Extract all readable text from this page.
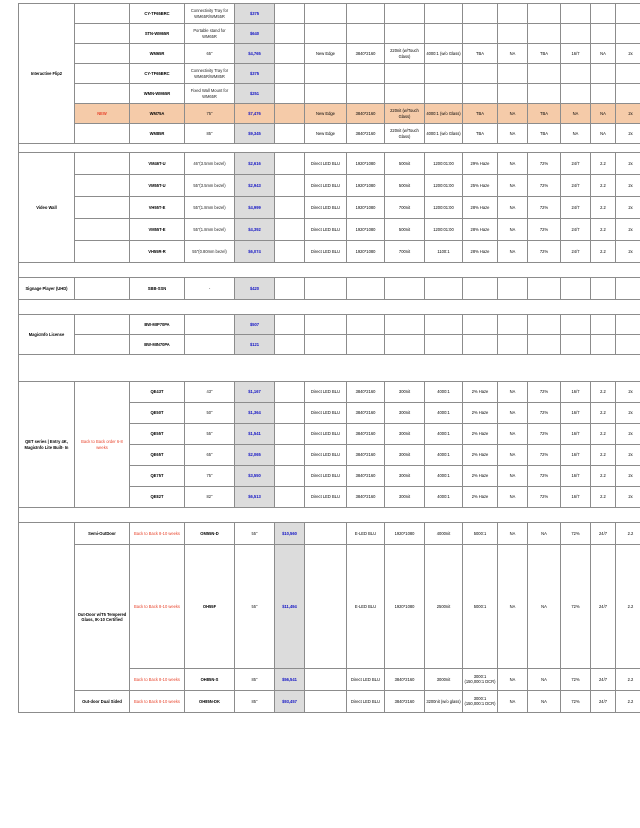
Interactive Flip2		CY-TF65BRC	Connectivity Tray for WM65R/WM55R	$375												
		STN-WM65R	Portable stand for WM65R	$640												
		WM65R	65"	$4,765		New Edge	3840*2160	220nit (w/Touch Glass)	4000:1 (w/o Glass)	TBA	NA	TBA	16/7	NA	2x	
		CY-TF65BRC	Connectivity Tray for WM65R/WM85R	$375												
		WMN-WM65R	Fixed Wall Mount for WM65R	$251												
	NEW	WM75A	75"	$7,476		New Edge	3840*2160	220nit (w/Touch Glass)	4000:1 (w/o Glass)	TBA	NA	TBA	NA	NA	2x	
		WM85R	85"	$9,345		New Edge	3840*2160	220nit (w/Touch Glass)	4000:1 (w/o Glass)	TBA	NA	TBA	NA	NA	2x	

Video Wall		VM46T-U	46"(3.5mm bezel)	$2,616		Direct LED BLU	1920*1080	500nit	1200:01:00	29% Haze	NA	72%	24/7	2.2	2x	
		VM55T-U	55"(3.5mm bezel)	$2,943		Direct LED BLU	1920*1080	500nit	1200:01:00	25% Haze	NA	72%	24/7	2.2	2x	
		VH55T-E	55"(1.8mm bezel)	$4,999		Direct LED BLU	1920*1080	700nit	1200:01:00	28% Haze	NA	72%	24/7	2.2	2x	
		VM55T-E	55"(1.8mm bezel)	$4,392		Direct LED BLU	1920*1080	500nit	1200:01:00	28% Haze	NA	72%	24/7	2.2	2x	
		VH55R-R	55"(0.80mm bezel)	$6,074		Direct LED BLU	1920*1080	700nit	1100:1	28% Haze	NA	72%	24/7	2.2	2x	

Signage Player (UHD)		SBB-SSN	-	$420												

MagicInfo License		BW-MIP70PA		$507												
		BW-MIN70PA		$121												

QET series | Entry 4K, MagicInfo Lite Built- In	Back to Back order 6-8 weeks	QE43T	43"	$1,167		Direct LED BLU	3840*2160	300nit	4000:1	2% Haze	NA	72%	16/7	2.2	2x	
		QE50T	50"	$1,364		Direct LED BLU	3840*2160	300nit	4000:1	2% Haze	NA	72%	16/7	2.2	2x	
		QE55T	55"	$1,541		Direct LED BLU	3840*2160	300nit	4000:1	2% Haze	NA	72%	16/7	2.2	2x	
		QE65T	65"	$2,065		Direct LED BLU	3840*2160	300nit	4000:1	2% Haze	NA	72%	16/7	2.2	2x	
		QE75T	75"	$3,550		Direct LED BLU	3840*2160	300nit	4000:1	2% Haze	NA	72%	16/7	2.2	2x	
		QE82T	82"	$6,513		Direct LED BLU	3840*2160	300nit	4000:1	2% Haze	NA	72%	16/7	2.2	2x	

	Semi-OutDoor	Back to Back 8-10 weeks	OM55N-D	55"	$10,560		E-LED BLU	1920*1080	4000nit	5000:1	NA	NA	72%	24/7	2.2	
	Out-Door w/T5 Tempered Glass, IK-10 Certified	Back to Back 8-10 weeks	OH55F	55"	$11,494		E-LED BLU	1920*1080	2500nit	5000:1	NA	NA	72%	24/7	2.2	
		Back to Back 8-10 weeks	OH85N-S	85"	$56,541		Direct LED BLU	3840*2160	3000nit	3000:1 (150,000:1 DCR)	NA	NA	72%	24/7	2.2	
	Out-door Dual Sided	Back to Back 8-10 weeks	OH85N-DK	85"	$93,457		Direct LED BLU	3840*2160	3200nit (w/o glass)	3000:1 (150,000:1 DCR)	NA	NA	72%	24/7	2.2	
